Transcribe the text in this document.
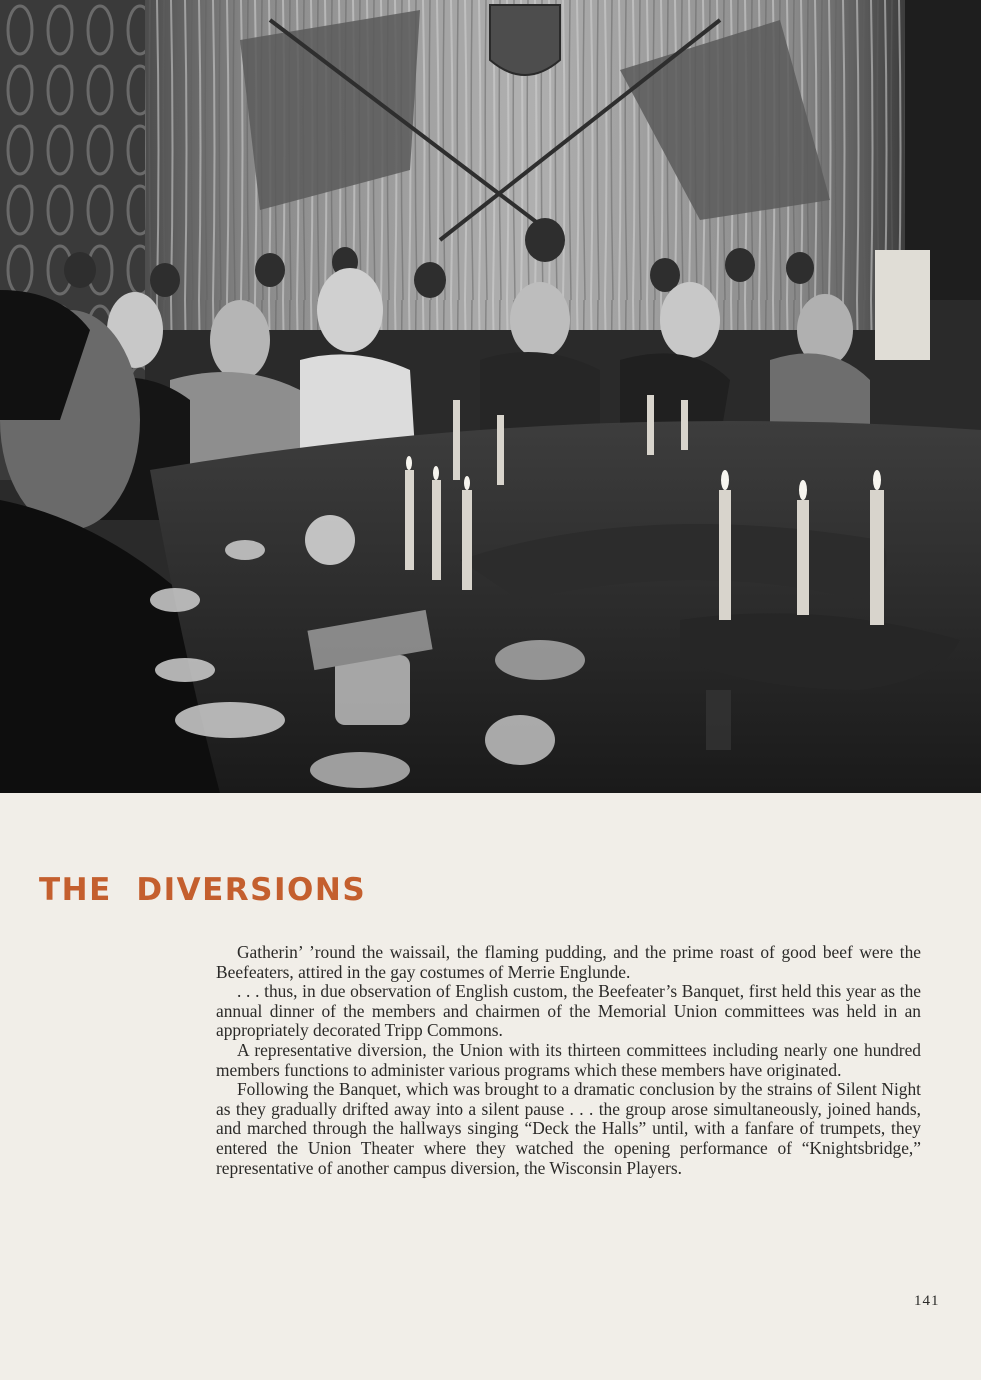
THE  DIVERSIONS

Gatherin’ ’round the waissail, the flaming pudding, and the prime roast of good beef were the Beefeaters, attired in the gay costumes of Merrie Englunde.

. . . thus, in due observation of English custom, the Beefeater’s Banquet, first held this year as the annual dinner of the members and chairmen of the Memorial Union committees was held in an appropriately decorated Tripp Commons.

A representative diversion, the Union with its thirteen committees including nearly one hundred members functions to administer various programs which these members have originated.

Following the Banquet, which was brought to a dramatic conclusion by the strains of Silent Night as they gradually drifted away into a silent pause . . . the group arose simultaneously, joined hands, and marched through the hallways singing “Deck the Halls” until, with a fanfare of trumpets, they entered the Union Theater where they watched the opening performance of “Knightsbridge,” representative of another campus diversion, the Wisconsin Players.

141
